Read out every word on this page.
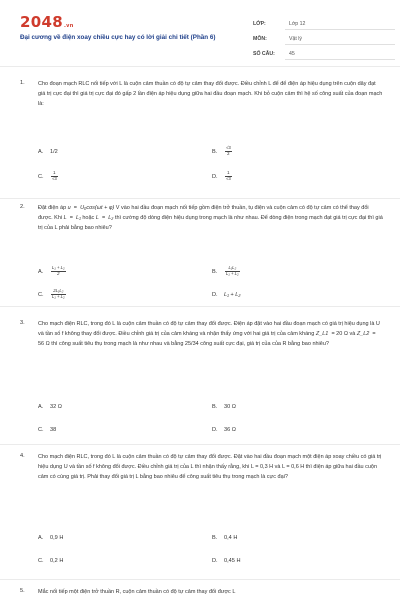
2048.vn
Đại cương về điện xoay chiều cực hay có lời giải chi tiết (Phần 6)
LỚP:	Lớp 12
MÔN:	Vật lý
SỐ CÂU:	45
1. Cho đoạn mạch RLC nối tiếp với L là cuộn cảm thuần có độ tự cảm thay đổi được. Điều chỉnh L để để điện áp hiệu dụng trên cuộn dây đạt giá trị cực đại thì giá trị cực đại đó gấp 2 lần điện áp hiệu dụng giữa hai đầu đoạn mạch. Khi bỏ cuộn cảm thì hệ số công suất của đoạn mạch là:
A. 1/2	B. $\frac{√3}{2}$
C. $\frac{1}{√3}$	D. $\frac{1}{√3}$
2. Đặt điện áp u = U₀cos(ωt + φ) V vào hai đầu đoạn mạch nối tiếp gồm điện trở thuần, tụ điện và cuộn cảm có độ tự cảm có thể thay đổi được. Khi L = L₁ hoặc L = L₂ thì cường độ dòng điện hiệu dụng trong mạch là như nhau. Để dòng điện trong mạch đạt giá trị cực đại thì giá trị của L phải bằng bao nhiêu?
A. $\frac{\text{L₁ + L₂}}{2}$	B. $\frac{\text{L₁L₂}}{\text{L₁ + L₂}}$
C. $\frac{\text{2L₁L₂}}{\text{L₁ + L₂}}$	D. L₁ + L₂
3. Cho mạch điện RLC, trong đó L là cuộn cảm thuần có độ tự cảm thay đổi được. Điện áp đặt vào hai đầu đoạn mạch có giá trị hiệu dụng là U và tần số f không thay đổi được. Điều chỉnh giá trị của cảm kháng và nhận thấy ứng với hai giá trị của cảm kháng Z_L1 = 20 Ω và Z_L2 = 56 Ω thì công suất tiêu thụ trong mạch là như nhau và bằng 25/34 công suất cực đại, giá trị của của R bằng bao nhiêu?
A. 32 Ω	B. 30 Ω
C. 38	D. 36 Ω
4. Cho mạch điện RLC, trong đó L là cuộn cảm thuần có độ tự cảm thay đổi được. Đặt vào hai đầu đoạn mạch một điện áp xoay chiều có giá trị hiệu dụng U và tần số f không đổi được. Điều chỉnh giá trị của L thì nhận thấy rằng, khi L = 0,3 H và L = 0,6 H thì điện áp giữa hai đầu cuộn cảm có cùng giá trị. Phải thay đổi giá trị L bằng bao nhiêu để công suất tiêu thụ trong mạch là cực đại?
A. 0,9 H	B. 0,4 H
C. 0,2 H	D. 0,45 H
5. Mắc nối tiếp một điện trở thuần R, cuộn cảm thuần có độ tự cảm thay đổi được L
